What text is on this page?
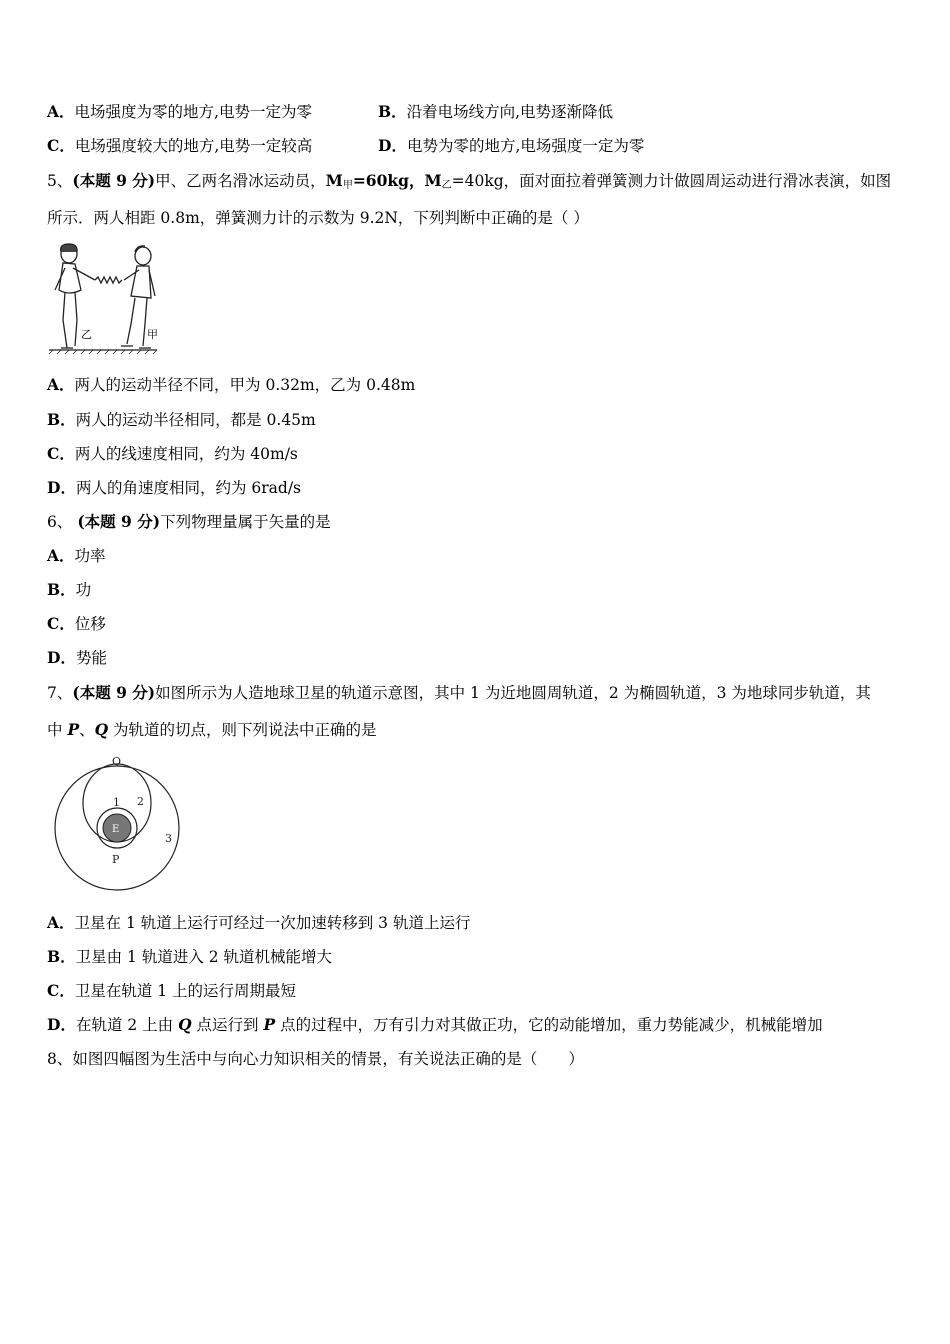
A．电场强度为零的地方,电势一定为零	B．沿着电场线方向,电势逐渐降低
C．电场强度较大的地方,电势一定较高	D．电势为零的地方,电场强度一定为零
5、(本题 9 分)甲、乙两名滑冰运动员，$M_甲=60kg$，$M_乙=40kg$，面对面拉着弹簧测力计做圆周运动进行滑冰表演，如图
所示．两人相距 0.8m，弹簧测力计的示数为 9.2N，下列判断中正确的是（ ）
乙	甲
A．两人的运动半径不同，甲为 0.32m，乙为 0.48m
B．两人的运动半径相同，都是 0.45m
C．两人的线速度相同，约为 40m/s
D．两人的角速度相同，约为 6rad/s
6、 (本题 9 分)下列物理量属于矢量的是
A．功率
B．功
C．位移
D．势能
7、(本题 9 分)如图所示为人造地球卫星的轨道示意图，其中 1 为近地圆周轨道，2 为椭圆轨道，3 为地球同步轨道，其
中 P、Q 为轨道的切点，则下列说法中正确的是
Q
P
1 2
3
E
A．卫星在 1 轨道上运行可经过一次加速转移到 3 轨道上运行
B．卫星由 1 轨道进入 2 轨道机械能增大
C．卫星在轨道 1 上的运行周期最短
D．在轨道 2 上由 Q 点运行到 P 点的过程中，万有引力对其做正功，它的动能增加，重力势能减少，机械能增加
8、如图四幅图为生活中与向心力知识相关的情景，有关说法正确的是（　　）
